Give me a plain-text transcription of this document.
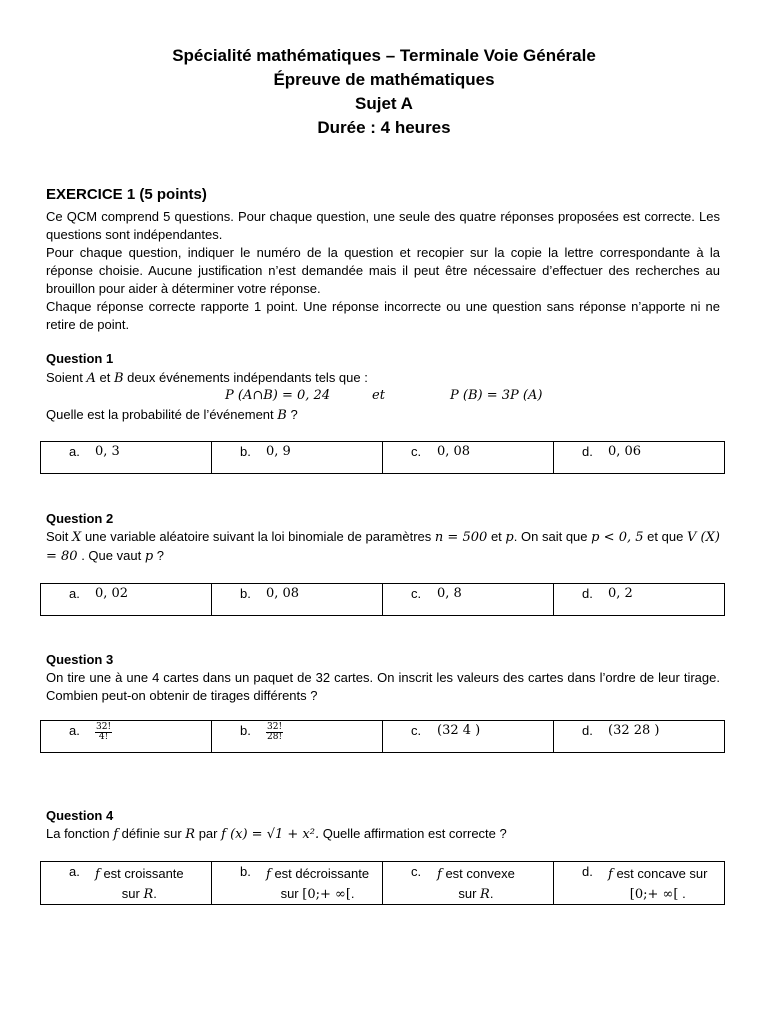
Spécialité mathématiques – Terminale Voie Générale
Épreuve de mathématiques
Sujet A
Durée : 4 heures
EXERCICE 1 (5 points)
Ce QCM comprend 5 questions. Pour chaque question, une seule des quatre réponses proposées est correcte. Les questions sont indépendantes.
Pour chaque question, indiquer le numéro de la question et recopier sur la copie la lettre correspondante à la réponse choisie. Aucune justification n’est demandée mais il peut être nécessaire d’effectuer des recherches au brouillon pour aider à déterminer votre réponse.
Chaque réponse correcte rapporte 1 point. Une réponse incorrecte ou une question sans réponse n’apporte ni ne retire de point.
Question 1
Soient A et B deux événements indépendants tels que :
P (A∩B) = 0, 24	et	P (B) = 3P (A)
Quelle est la probabilité de l’événement B ?
a.	0, 3	b.	0, 9	c.	0, 08	d.	0, 06
Question 2
Soit X une variable aléatoire suivant la loi binomiale de paramètres n = 500 et p. On sait que p < 0, 5 et que V (X) = 80 . Que vaut p ?
a.	0, 02	b.	0, 08	c.	0, 8	d.	0, 2
Question 3
On tire une à une 4 cartes dans un paquet de 32 cartes. On inscrit les valeurs des cartes dans l’ordre de leur tirage. Combien peut-on obtenir de tirages différents ?
a.	$\frac{32!}{4!}$	b.	$\frac{32!}{28!}$	c.	(32 4 )	d.	(32 28 )
Question 4
La fonction f définie sur R par f (x) = √1 + x². Quelle affirmation est correcte ?
a.	f est croissante
sur R.

b.	f est décroissante
sur [0;+ ∞[.

c.	f est convexe
sur R.

d.	f est concave sur
[0;+ ∞[ .
